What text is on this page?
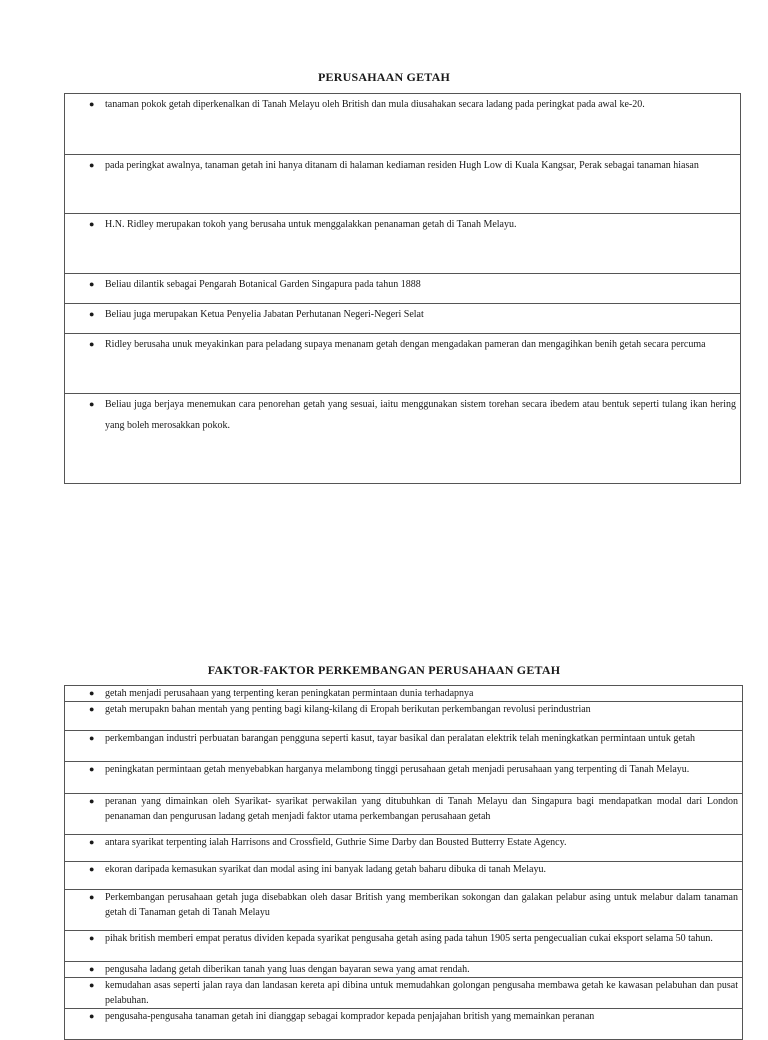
PERUSAHAAN GETAH
● tanaman pokok getah diperkenalkan di Tanah Melayu oleh British dan mula diusahakan secara ladang pada peringkat pada awal ke-20.

● pada peringkat awalnya, tanaman getah ini hanya ditanam di halaman kediaman residen Hugh Low di Kuala Kangsar, Perak sebagai tanaman hiasan

● H.N. Ridley merupakan tokoh yang berusaha untuk menggalakkan penanaman getah di Tanah Melayu.

● Beliau dilantik sebagai Pengarah Botanical Garden Singapura pada tahun 1888

● Beliau juga merupakan Ketua Penyelia Jabatan Perhutanan Negeri-Negeri Selat

● Ridley berusaha unuk meyakinkan para peladang supaya menanam getah dengan mengadakan pameran dan mengagihkan benih getah secara percuma

● Beliau juga berjaya menemukan cara penorehan getah yang sesuai, iaitu menggunakan sistem torehan secara ibedem atau bentuk seperti tulang ikan hering yang boleh merosakkan pokok.
FAKTOR-FAKTOR PERKEMBANGAN PERUSAHAAN GETAH
● getah menjadi perusahaan yang terpenting keran peningkatan permintaan dunia terhadapnya

● getah merupakn bahan mentah yang penting bagi kilang-kilang di Eropah berikutan perkembangan revolusi perindustrian

● perkembangan industri perbuatan barangan pengguna seperti kasut, tayar basikal dan peralatan elektrik telah meningkatkan permintaan untuk getah

● peningkatan permintaan getah menyebabkan harganya melambong tinggi perusahaan getah menjadi perusahaan yang terpenting di Tanah Melayu.

● peranan yang dimainkan oleh Syarikat- syarikat perwakilan yang ditubuhkan di Tanah Melayu dan Singapura bagi mendapatkan modal dari London penanaman dan pengurusan ladang getah menjadi faktor utama perkembangan perusahaan getah

● antara syarikat terpenting ialah Harrisons and Crossfield, Guthrie Sime Darby dan Bousted Butterry Estate Agency.

● ekoran daripada kemasukan syarikat dan modal asing ini banyak ladang getah baharu dibuka di tanah Melayu.

● Perkembangan perusahaan getah juga disebabkan oleh dasar British yang memberikan sokongan dan galakan pelabur asing untuk melabur dalam tanaman getah di Tanaman getah di Tanah Melayu

● pihak british memberi empat peratus dividen kepada syarikat pengusaha getah asing pada tahun 1905 serta pengecualian cukai eksport selama 50 tahun.

● pengusaha ladang getah diberikan tanah yang luas dengan bayaran sewa yang amat rendah.

● kemudahan asas seperti jalan raya dan landasan kereta api dibina untuk memudahkan golongan pengusaha membawa getah ke kawasan pelabuhan dan pusat pelabuhan.

● pengusaha-pengusaha tanaman getah ini dianggap sebagai komprador kepada penjajahan british yang memainkan peranan
